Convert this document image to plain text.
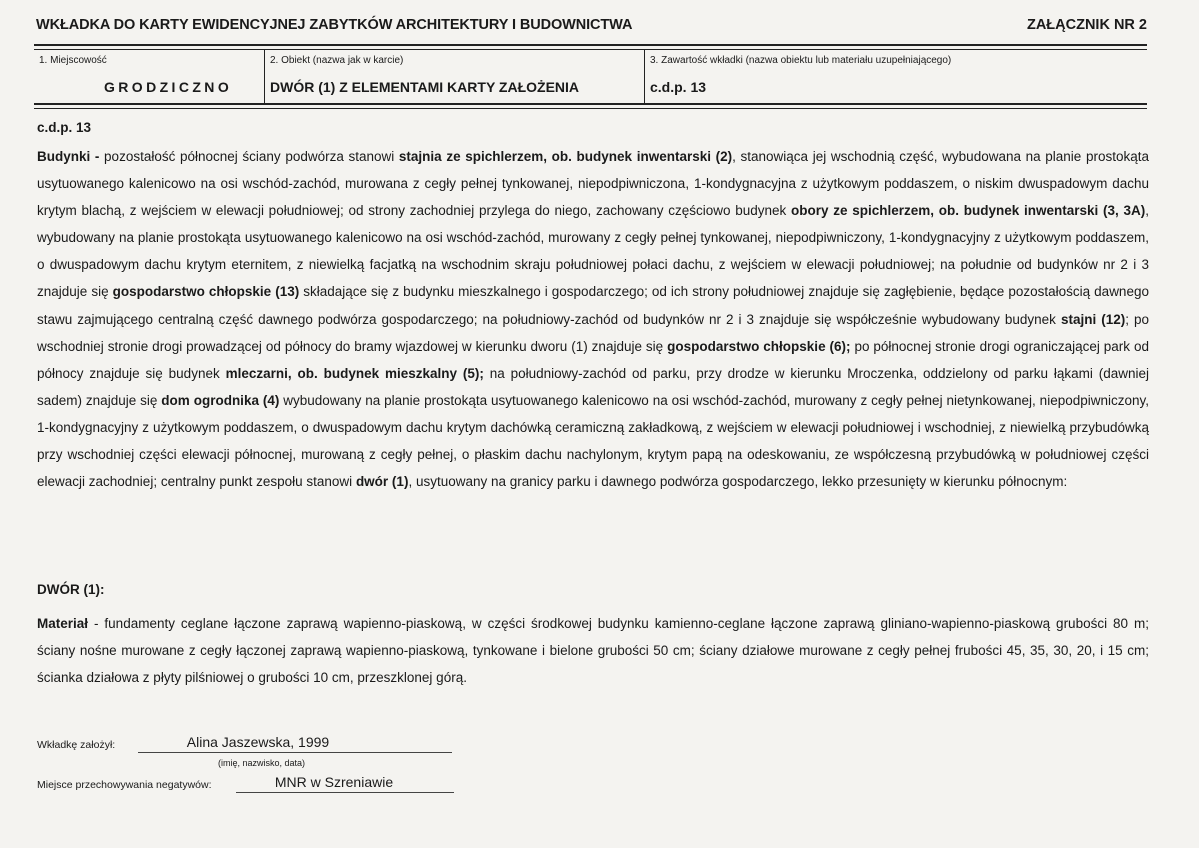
WKŁADKA DO KARTY EWIDENCYJNEJ ZABYTKÓW ARCHITEKTURY I BUDOWNICTWA	ZAŁĄCZNIK NR 2
1. Miejscowość
GRODZICZNO
2. Obiekt (nazwa jak w karcie)
DWÓR (1) Z ELEMENTAMI KARTY ZAŁOŻENIA
3. Zawartość wkładki (nazwa obiektu lub materiału uzupełniającego)
c.d.p. 13
c.d.p. 13
Budynki - pozostałość północnej ściany podwórza stanowi stajnia ze spichlerzem, ob. budynek inwentarski (2), stanowiąca jej wschodnią część, wybudowana na planie prostokąta usytuowanego kalenicowo na osi wschód-zachód, murowana z cegły pełnej tynkowanej, niepodpiwniczona, 1-kondygnacyjna z użytkowym poddaszem, o niskim dwuspadowym dachu krytym blachą, z wejściem w elewacji południowej; od strony zachodniej przylega do niego, zachowany częściowo budynek obory ze spichlerzem, ob. budynek inwentarski (3, 3A), wybudowany na planie prostokąta usytuowanego kalenicowo na osi wschód-zachód, murowany z cegły pełnej tynkowanej, niepodpiwniczony, 1-kondygnacyjny z użytkowym poddaszem, o dwuspadowym dachu krytym eternitem, z niewielką facjatką na wschodnim skraju południowej połaci dachu, z wejściem w elewacji południowej; na południe od budynków nr 2 i 3 znajduje się gospodarstwo chłopskie (13) składające się z budynku mieszkalnego i gospodarczego; od ich strony południowej znajduje się zagłębienie, będące pozostałością dawnego stawu zajmującego centralną część dawnego podwórza gospodarczego; na południowy-zachód od budynków nr 2 i 3 znajduje się współcześnie wybudowany budynek stajni (12); po wschodniej stronie drogi prowadzącej od północy do bramy wjazdowej w kierunku dworu (1) znajduje się gospodarstwo chłopskie (6); po północnej stronie drogi ograniczającej park od północy znajduje się budynek mleczarni, ob. budynek mieszkalny (5); na południowy-zachód od parku, przy drodze w kierunku Mroczenka, oddzielony od parku łąkami (dawniej sadem) znajduje się dom ogrodnika (4) wybudowany na planie prostokąta usytuowanego kalenicowo na osi wschód-zachód, murowany z cegły pełnej nietynkowanej, niepodpiwniczony, 1-kondygnacyjny z użytkowym poddaszem, o dwuspadowym dachu krytym dachówką ceramiczną zakładkową, z wejściem w elewacji południowej i wschodniej, z niewielką przybudówką przy wschodniej części elewacji północnej, murowaną z cegły pełnej, o płaskim dachu nachylonym, krytym papą na odeskowaniu, ze współczesną przybudówką w południowej części elewacji zachodniej; centralny punkt zespołu stanowi dwór (1), usytuowany na granicy parku i dawnego podwórza gospodarczego, lekko przesunięty w kierunku północnym:
DWÓR (1):
Materiał - fundamenty ceglane łączone zaprawą wapienno-piaskową, w części środkowej budynku kamienno-ceglane łączone zaprawą gliniano-wapienno-piaskową grubości 80 m; ściany nośne murowane z cegły łączonej zaprawą wapienno-piaskową, tynkowane i bielone grubości 50 cm; ściany działowe murowane z cegły pełnej frubości 45, 35, 30, 20, i 15 cm; ścianka działowa z płyty pilśniowej o grubości 10 cm, przeszklonej górą.
Wkładkę założył:	Alina Jaszewska, 1999
(imię, nazwisko, data)
Miejsce przechowywania negatywów:	MNR w Szreniawie
